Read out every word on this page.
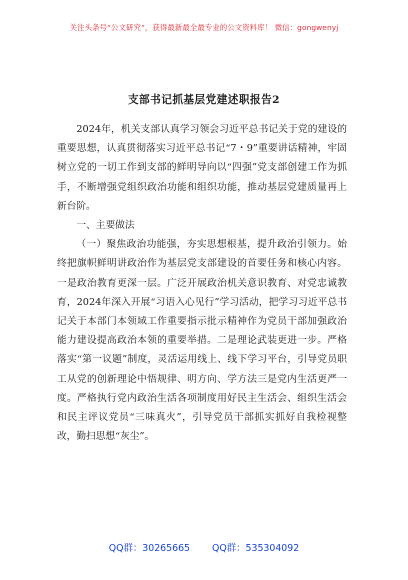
关注头条号“公文研究”，获得最新最全最专业的公文资料库！ 微信：gongwenyj
支部书记抓基层党建述职报告2

2024年，机关支部认真学习领会习近平总书记关于党的建设的重要思想，认真贯彻落实习近平总书记“7・9”重要讲话精神，牢固树立党的一切工作到支部的鲜明导向以“四强”党支部创建工作为抓手，不断增强党组织政治功能和组织功能，推动基层党建质量再上新台阶。

一、主要做法

（一）聚焦政治功能强，夯实思想根基，提升政治引领力。始终把旗帜鲜明讲政治作为基层党支部建设的首要任务和核心内容。一是政治教育更深一层。广泛开展政治机关意识教育、对党忠诚教育，2024年深入开展“习语入心见行”学习活动，把学习习近平总书记关于本部门本领域工作重要指示批示精神作为党员干部加强政治能力建设提高政治本领的重要举措。二是理论武装更进一步。严格落实“第一议题”制度，灵活运用线上、线下学习平台，引导党员职工从党的创新理论中悟规律、明方向、学方法三是党内生活更严一度。严格执行党内政治生活各项制度用好民主生活会、组织生活会和民主评议党员“三味真火”，引导党员干部抓实抓好自我检视整改，勤扫思想“灰尘”。

QQ群：30265665 QQ群：535304092
